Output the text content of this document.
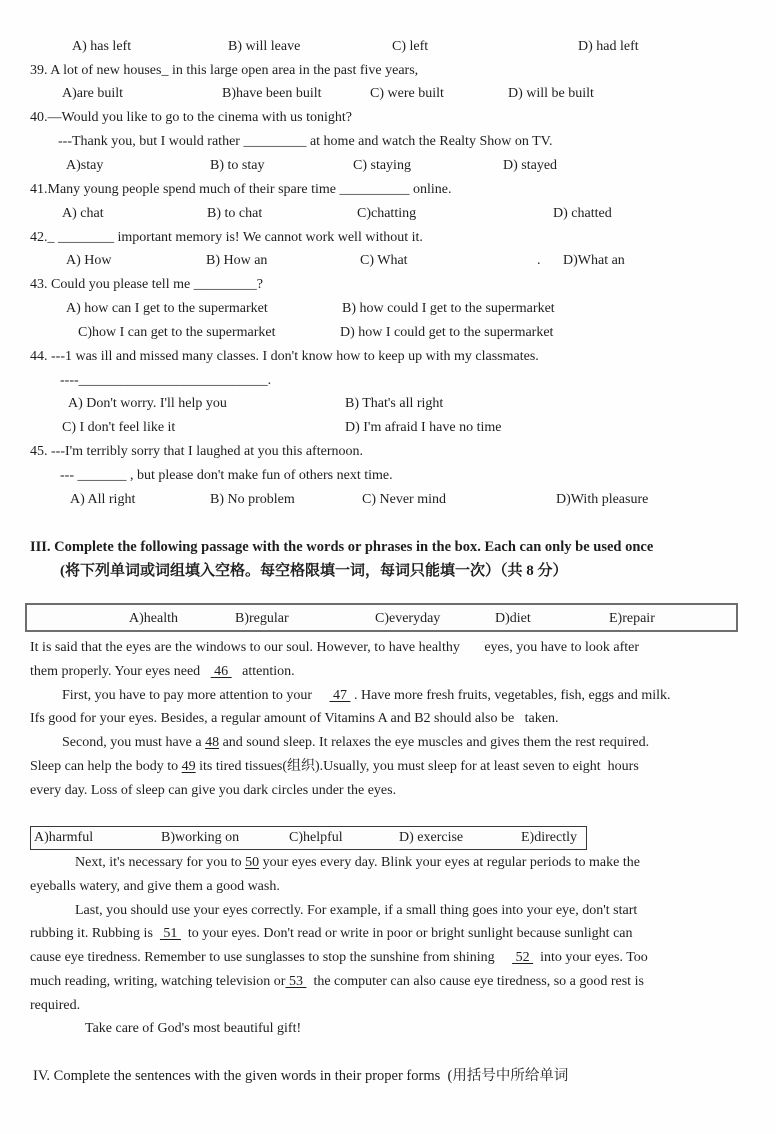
A) has left	B) will leave	C) left	D) had left
39. A lot of new houses_ in this large open area in the past five years,
A)are built	B)have been built	C) were built	D) will be built
40.—Would you like to go to the cinema with us tonight?
---Thank you, but I would rather _________ at home and watch the Realty Show on TV.
A)stay	B) to stay	C) staying	D) stayed
41.Many young people spend much of their spare time __________ online.
A) chat	B) to chat	C)chatting	D) chatted
42._ ________ important memory is! We cannot work well without it.
A) How	B) How an	C) What	. D)What an
43. Could you please tell me _________?
A) how can I get to the supermarket	B) how could I get to the supermarket
C)how I can get to the supermarket	D) how I could get to the supermarket
44. ---1 was ill and missed many classes. I don't know how to keep up with my classmates.
----___________________________.
A) Don't worry. I'll help you	B) That's all right
C) I don't feel like it	D) I'm afraid I have no time
45. ---I'm terribly sorry that I laughed at you this afternoon.
--- _______ , but please don't make fun of others next time.
A) All right	B) No problem	C) Never mind	D)With pleasure
III. Complete the following passage with the words or phrases in the box. Each can only be used once
(将下列单词或词组填入空格。每空格限填一词，每词只能填一次）（共 8 分）
It is said that the eyes are the windows to our soul. However, to have healthy       eyes, you have to look after
them properly. Your eyes need    46    attention.
First, you have to pay more attention to your      47  . Have more fresh fruits, vegetables, fish, eggs and milk.
Ifs good for your eyes. Besides, a regular amount of Vitamins A and B2 should also be   taken.
Second, you must have a 48 and sound sleep. It relaxes the eye muscles and gives them the rest required.
Sleep can help the body to 49 its tired tissues(组织).Usually, you must sleep for at least seven to eight  hours
every day. Loss of sleep can give you dark circles under the eyes.
Next, it's necessary for you to 50 your eyes every day. Blink your eyes at regular periods to make the
eyeballs watery, and give them a good wash.
Last, you should use your eyes correctly. For example, if a small thing goes into your eye, don't start
rubbing it. Rubbing is   51   to your eyes. Don't read or write in poor or bright sunlight because sunlight can
cause eye tiredness. Remember to use sunglasses to stop the sunshine from shining      52   into your eyes. Too
much reading, writing, watching television or 53   the computer can also cause eye tiredness, so a good rest is
required.
Take care of God's most beautiful gift!
IV. Complete the sentences with the given words in their proper forms  (用括号中所给单词
A)health	B)regular	C)everyday	D)diet	E)repair
A)harmful	B)working on	C)helpful	D) exercise	E)directly
